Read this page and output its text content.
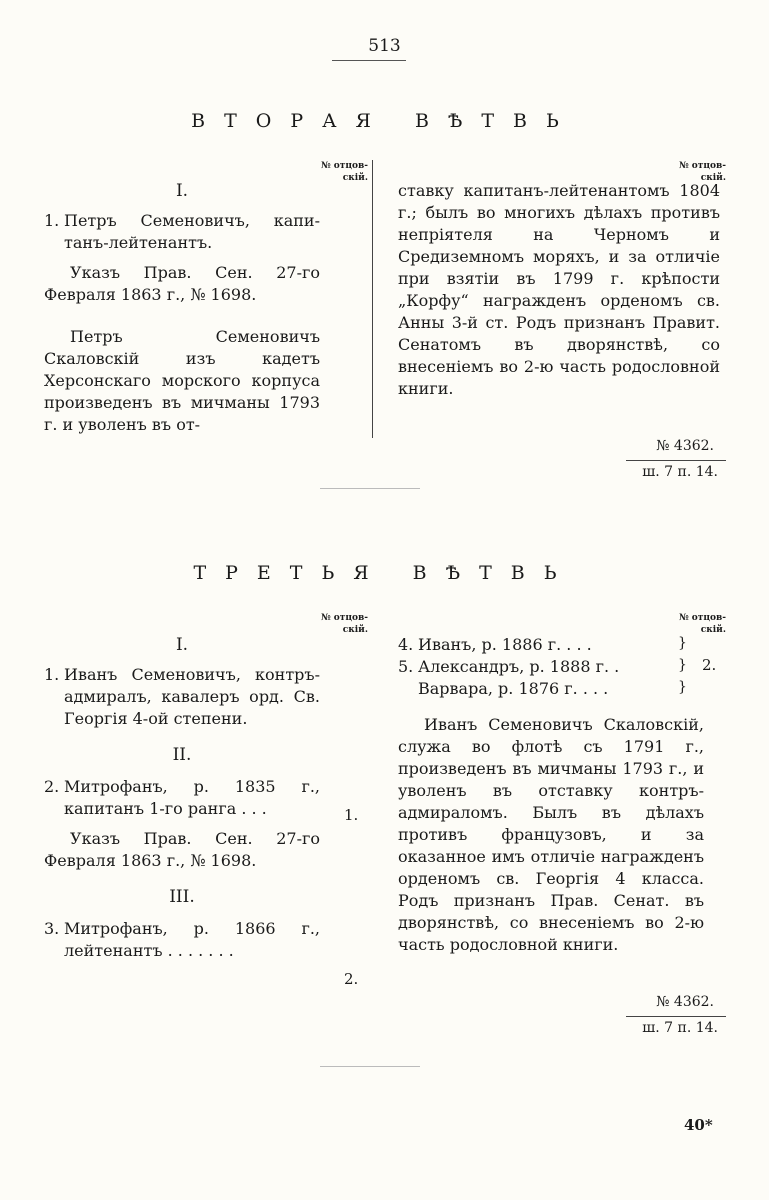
513
ВТОРАЯ ВѢТВЬ
№ отцов-скій.
№ отцов-скій.

I.

1. Петръ Семеновичъ, капи-танъ-лейтенантъ.

Указъ Прав. Сен. 27-го Февраля 1863 г., № 1698.

Петръ Семеновичъ Скаловскій изъ кадетъ Херсонскаго морского корпуса произведенъ въ мичманы 1793 г. и уволенъ въ от-

ставку капитанъ-лейтенантомъ 1804 г.; былъ во многихъ дѣлахъ противъ непріятеля на Черномъ и Средиземномъ моряхъ, и за отличіе при взятіи въ 1799 г. крѣпости „Корфу“ награжденъ орденомъ св. Анны 3-й ст. Родъ признанъ Правит. Сенатомъ въ дворянствѣ, со внесеніемъ во 2-ю часть родословной книги.

№ 4362.
ш. 7 п. 14.
ТРЕТЬЯ ВѢТВЬ
№ отцов-скій.
№ отцов-скій.

I.

1. Иванъ Семеновичъ, контръ-адмиралъ, кавалеръ орд. Св. Георгія 4-ой степени.

II.

2. Митрофанъ, р. 1835 г., капитанъ 1-го ранга . . .

Указъ Прав. Сен. 27-го Февраля 1863 г., № 1698.

III.

3. Митрофанъ, р. 1866 г., лейтенантъ . . . . . . .
1.
2.
4. Иванъ, р. 1886 г. . . .
5. Александръ, р. 1888 г. .
Варвара, р. 1876 г. . . .
}
}
}
2.

Иванъ Семеновичъ Скаловскій, служа во флотѣ съ 1791 г., произведенъ въ мичманы 1793 г., и уволенъ въ отставку контръ-адмираломъ. Былъ въ дѣлахъ противъ французовъ, и за оказанное имъ отличіе награжденъ орденомъ св. Георгія 4 класса. Родъ признанъ Прав. Сенат. въ дворянствѣ, со внесеніемъ во 2-ю часть родословной книги.

№ 4362.
ш. 7 п. 14.
40*
